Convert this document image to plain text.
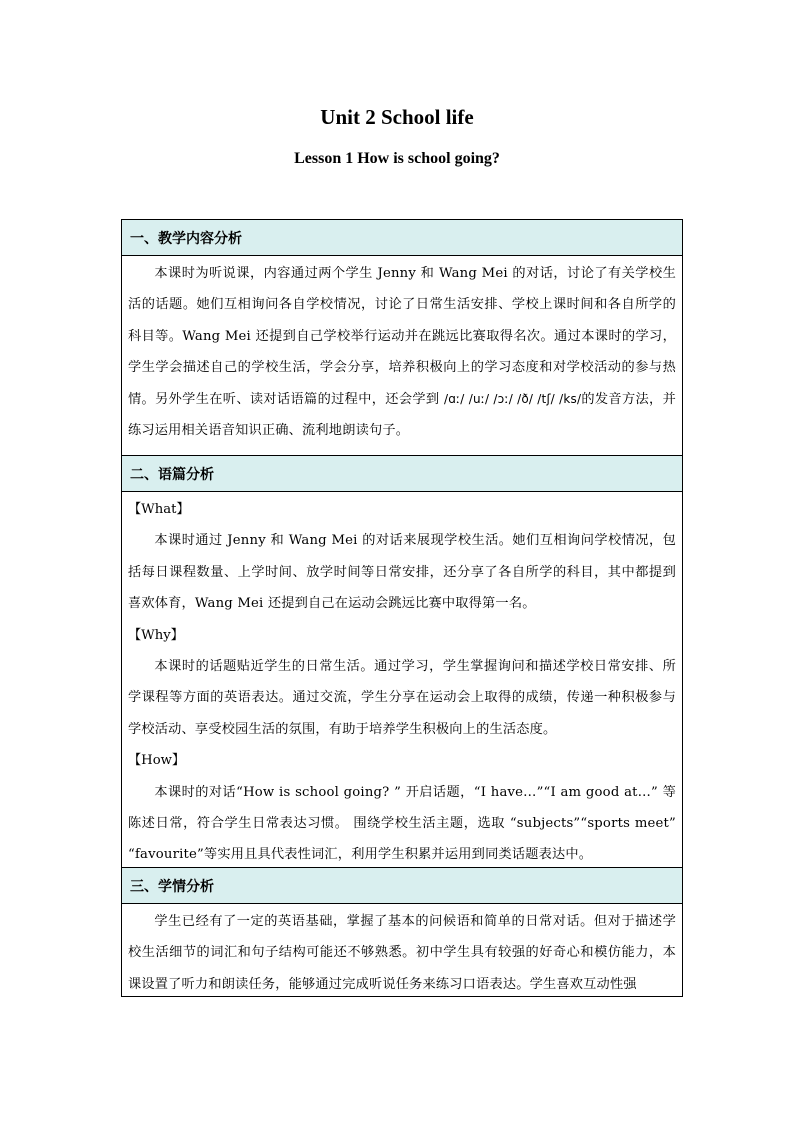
Unit 2 School life
Lesson 1 How is school going?
一、教学内容分析

本课时为听说课，内容通过两个学生 Jenny 和 Wang Mei 的对话，讨论了有关学校生活的话题。她们互相询问各自学校情况，讨论了日常生活安排、学校上课时间和各自所学的科目等。Wang Mei 还提到自己学校举行运动并在跳远比赛取得名次。通过本课时的学习，学生学会描述自己的学校生活，学会分享，培养积极向上的学习态度和对学校活动的参与热情。另外学生在听、读对话语篇的过程中，还会学到 /ɑː/ /uː/ /ɔː/ /ð/ /tʃ/ /ks/的发音方法，并练习运用相关语音知识正确、流利地朗读句子。

二、语篇分析

【What】

本课时通过 Jenny 和 Wang Mei 的对话来展现学校生活。她们互相询问学校情况，包括每日课程数量、上学时间、放学时间等日常安排，还分享了各自所学的科目，其中都提到喜欢体育，Wang Mei 还提到自己在运动会跳远比赛中取得第一名。

【Why】

本课时的话题贴近学生的日常生活。通过学习，学生掌握询问和描述学校日常安排、所学课程等方面的英语表达。通过交流，学生分享在运动会上取得的成绩，传递一种积极参与学校活动、享受校园生活的氛围，有助于培养学生积极向上的生活态度。

【How】

本课时的对话“How is school going? ” 开启话题，“I have…”“I am good at…” 等陈述日常，符合学生日常表达习惯。 围绕学校生活主题，选取 “subjects”“sports meet” “favourite”等实用且具代表性词汇，利用学生积累并运用到同类话题表达中。

三、学情分析

学生已经有了一定的英语基础，掌握了基本的问候语和简单的日常对话。但对于描述学校生活细节的词汇和句子结构可能还不够熟悉。初中学生具有较强的好奇心和模仿能力，本课设置了听力和朗读任务，能够通过完成听说任务来练习口语表达。学生喜欢互动性强
